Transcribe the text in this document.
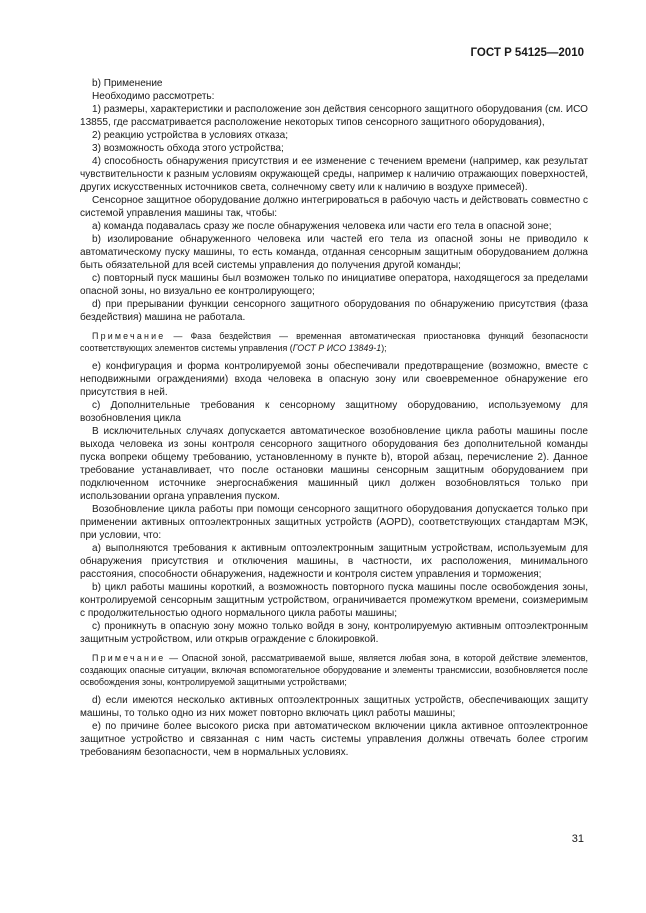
ГОСТ Р 54125—2010

b) Применение

Необходимо рассмотреть:

1) размеры, характеристики и расположение зон действия сенсорного защитного оборудования (см. ИСО 13855, где рассматривается расположение некоторых типов сенсорного защитного оборудования),

2) реакцию устройства в условиях отказа;

3) возможность обхода этого устройства;

4) способность обнаружения присутствия и ее изменение с течением времени (например, как результат чувствительности к разным условиям окружающей среды, например к наличию отражающих поверхностей, других искусственных источников света, солнечному свету или к наличию в воздухе примесей).

Сенсорное защитное оборудование должно интегрироваться в рабочую часть и действовать совместно с системой управления машины так, чтобы:

а) команда подавалась сразу же после обнаружения человека или части его тела в опасной зоне;

b) изолирование обнаруженного человека или частей его тела из опасной зоны не приводило к автоматическому пуску машины, то есть команда, отданная сенсорным защитным оборудованием должна быть обязательной для всей системы управления до получения другой команды;

c) повторный пуск машины был возможен только по инициативе оператора, находящегося за пределами опасной зоны, но визуально ее контролирующего;

d) при прерывании функции сенсорного защитного оборудования по обнаружению присутствия (фаза бездействия) машина не работала.

Примечание — Фаза бездействия — временная автоматическая приостановка функций безопасности соответствующих элементов системы управления (ГОСТ Р ИСО 13849-1);

e) конфигурация и форма контролируемой зоны обеспечивали предотвращение (возможно, вместе с неподвижными ограждениями) входа человека в опасную зону или своевременное обнаружение его присутствия в ней.

c) Дополнительные требования к сенсорному защитному оборудованию, используемому для возобновления цикла

В исключительных случаях допускается автоматическое возобновление цикла работы машины после выхода человека из зоны контроля сенсорного защитного оборудования без дополнительной команды пуска вопреки общему требованию, установленному в пункте b), второй абзац, перечисление 2). Данное требование устанавливает, что после остановки машины сенсорным защитным оборудованием при подключенном источнике энергоснабжения машинный цикл должен возобновляться только при использовании органа управления пуском.

Возобновление цикла работы при помощи сенсорного защитного оборудования допускается только при применении активных оптоэлектронных защитных устройств (AOPD), соответствующих стандартам МЭК, при условии, что:

а) выполняются требования к активным оптоэлектронным защитным устройствам, используемым для обнаружения присутствия и отключения машины, в частности, их расположения, минимального расстояния, способности обнаружения, надежности и контроля систем управления и торможения;

b) цикл работы машины короткий, а возможность повторного пуска машины после освобождения зоны, контролируемой сенсорным защитным устройством, ограничивается промежутком времени, соизмеримым с продолжительностью одного нормального цикла работы машины;

c) проникнуть в опасную зону можно только войдя в зону, контролируемую активным оптоэлектронным защитным устройством, или открыв ограждение с блокировкой.

Примечание — Опасной зоной, рассматриваемой выше, является любая зона, в которой действие элементов, создающих опасные ситуации, включая вспомогательное оборудование и элементы трансмиссии, возобновляется после освобождения зоны, контролируемой защитными устройствами;

d) если имеются несколько активных оптоэлектронных защитных устройств, обеспечивающих защиту машины, то только одно из них может повторно включать цикл работы машины;

e) по причине более высокого риска при автоматическом включении цикла активное оптоэлектронное защитное устройство и связанная с ним часть системы управления должны отвечать более строгим требованиям безопасности, чем в нормальных условиях.

31
